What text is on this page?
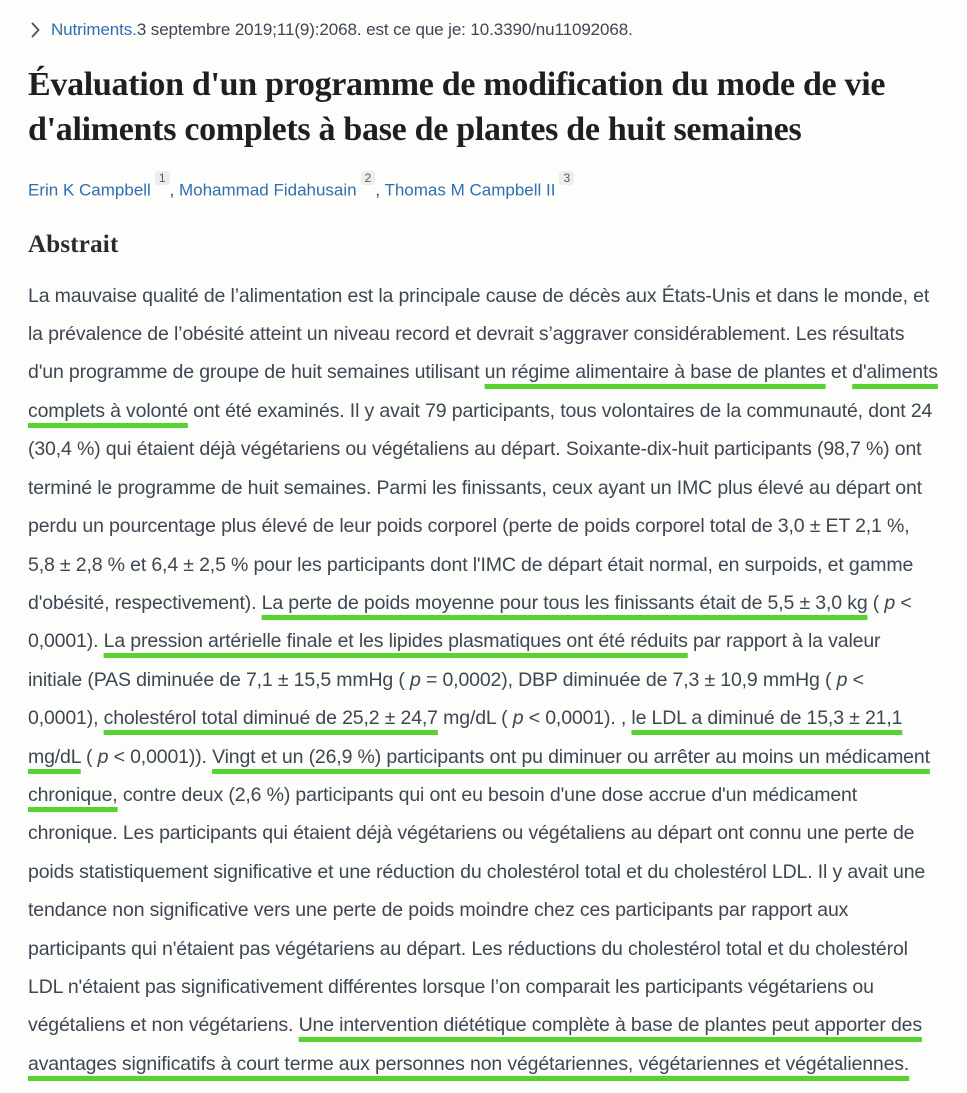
Nutriments. 3 septembre 2019;11(9):2068. est ce que je: 10.3390/nu11092068.
Évaluation d'un programme de modification du mode de vie d'aliments complets à base de plantes de huit semaines
Erin K Campbell$^1$, Mohammad Fidahusain$^2$, Thomas M Campbell II$^3$
Abstrait

La mauvaise qualité de l’alimentation est la principale cause de décès aux États-Unis et dans le monde, et la prévalence de l’obésité atteint un niveau record et devrait s’aggraver considérablement. Les résultats d'un programme de groupe de huit semaines utilisant un régime alimentaire à base de plantes et d'aliments complets à volonté ont été examinés. Il y avait 79 participants, tous volontaires de la communauté, dont 24 (30,4 %) qui étaient déjà végétariens ou végétaliens au départ. Soixante-dix-huit participants (98,7 %) ont terminé le programme de huit semaines. Parmi les finissants, ceux ayant un IMC plus élevé au départ ont perdu un pourcentage plus élevé de leur poids corporel (perte de poids corporel total de 3,0 ± ET 2,1 %, 5,8 ± 2,8 % et 6,4 ± 2,5 % pour les participants dont l'IMC de départ était normal, en surpoids, et gamme d'obésité, respectivement). La perte de poids moyenne pour tous les finissants était de 5,5 ± 3,0 kg ( p < 0,0001). La pression artérielle finale et les lipides plasmatiques ont été réduits par rapport à la valeur initiale (PAS diminuée de 7,1 ± 15,5 mmHg ( p = 0,0002), DBP diminuée de 7,3 ± 10,9 mmHg ( p < 0,0001), cholestérol total diminué de 25,2 ± 24,7 mg/dL ( p < 0,0001). , le LDL a diminué de 15,3 ± 21,1 mg/dL ( p < 0,0001)). Vingt et un (26,9 %) participants ont pu diminuer ou arrêter au moins un médicament chronique, contre deux (2,6 %) participants qui ont eu besoin d'une dose accrue d'un médicament chronique. Les participants qui étaient déjà végétariens ou végétaliens au départ ont connu une perte de poids statistiquement significative et une réduction du cholestérol total et du cholestérol LDL. Il y avait une tendance non significative vers une perte de poids moindre chez ces participants par rapport aux participants qui n'étaient pas végétariens au départ. Les réductions du cholestérol total et du cholestérol LDL n'étaient pas significativement différentes lorsque l’on comparait les participants végétariens ou végétaliens et non végétariens. Une intervention diététique complète à base de plantes peut apporter des avantages significatifs à court terme aux personnes non végétariennes, végétariennes et végétaliennes.
